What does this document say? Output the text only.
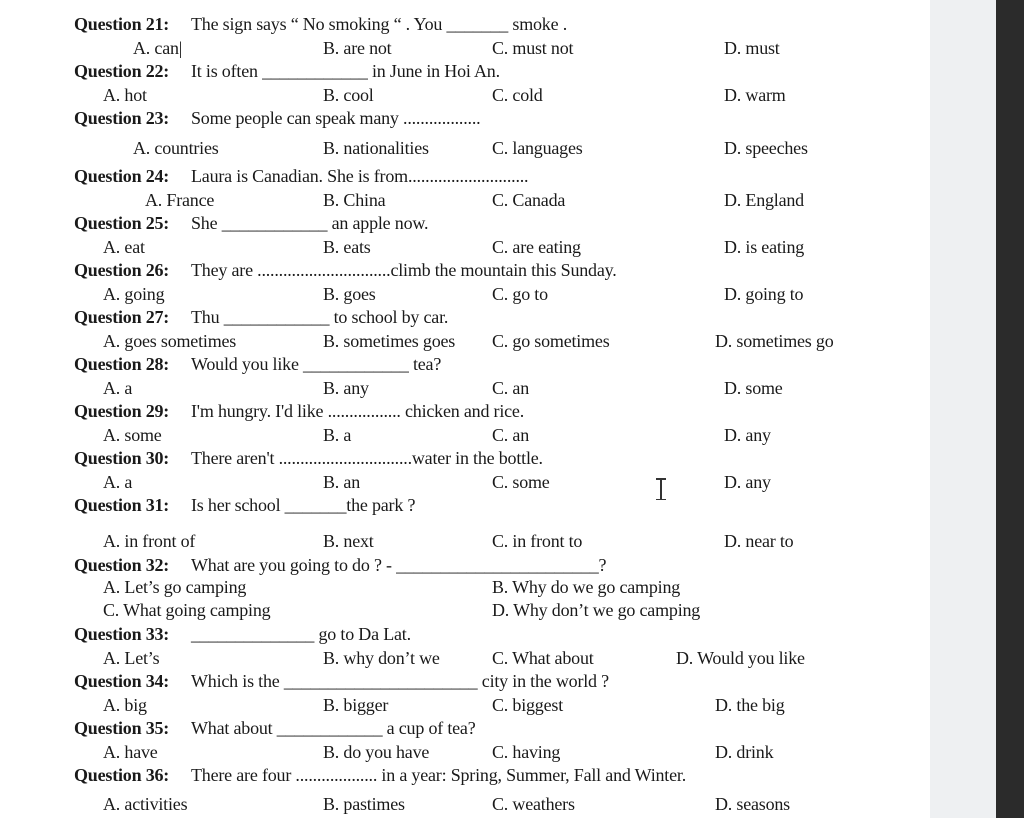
Question 21: The sign says “ No smoking “ . You _______ smoke .
A. can|	B. are not	C. must not	D. must
Question 22: It is often ____________ in June in Hoi An.
A. hot	B. cool	C. cold	D. warm
Question 23: Some people can speak many ..................
A. countries	B. nationalities	C. languages	D. speeches
Question 24: Laura is Canadian. She is from............................
A. France	B. China	C. Canada	D. England
Question 25: She ____________ an apple now.
A. eat	B. eats	C. are eating	D. is eating
Question 26: They are ...............................climb the mountain this Sunday.
A. going	B. goes	C. go to	D. going to
Question 27: Thu ____________ to school by car.
A. goes sometimes	B. sometimes goes C. go sometimes	D. sometimes go
Question 28: Would you like ____________ tea?
A. a	B. any	C. an	D. some
Question 29: I'm hungry. I'd like ................. chicken and rice.
A. some	B. a	C. an	D. any
Question 30: There aren't ...............................water in the bottle.
A. a	B. an	C. some	D. any
Question 31: Is her school _______the park ?
A. in front of	B. next	C. in front to	D. near to
Question 32: What are you going to do ? - _______________________?
A. Let’s go camping	B. Why do we go camping
C. What going camping	D. Why don’t we go camping
Question 33: ______________ go to Da Lat.
A. Let’s	B. why don’t we	C. What about	D. Would you like
Question 34: Which is the ______________________ city in the world ?
A. big	B. bigger	C. biggest	D. the big
Question 35: What about ____________ a cup of tea?
A. have	B. do you have	C. having	D. drink
Question 36: There are four ................... in a year: Spring, Summer, Fall and Winter.
A. activities	B. pastimes	C. weathers	D. seasons
